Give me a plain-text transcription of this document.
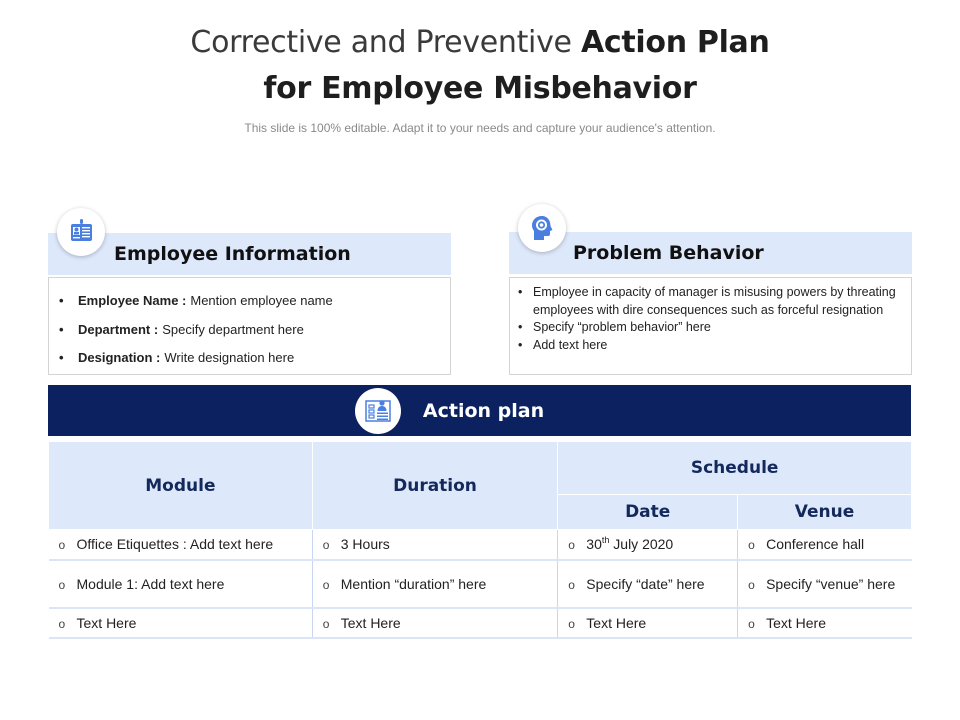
Corrective and Preventive Action Plan
for Employee Misbehavior
This slide is 100% editable. Adapt it to your needs and capture your audience's attention.
Employee Information
•	Employee Name : Mention employee name
•	Department : Specify department here
•	Designation : Write designation here
Problem Behavior
• Employee in capacity of manager is misusing powers by threating employees with dire consequences such as forceful resignation
• Specify “problem behavior” here
• Add text here
Action plan
Module	Duration	Schedule	
		Date	Venue
o Office Etiquettes : Add text here	o 3 Hours	o 30th July 2020	o Conference hall
o Module 1: Add text here	o Mention “duration” here	o Specify “date” here	o Specify “venue” here
o Text Here	o Text Here	o Text Here	o Text Here
